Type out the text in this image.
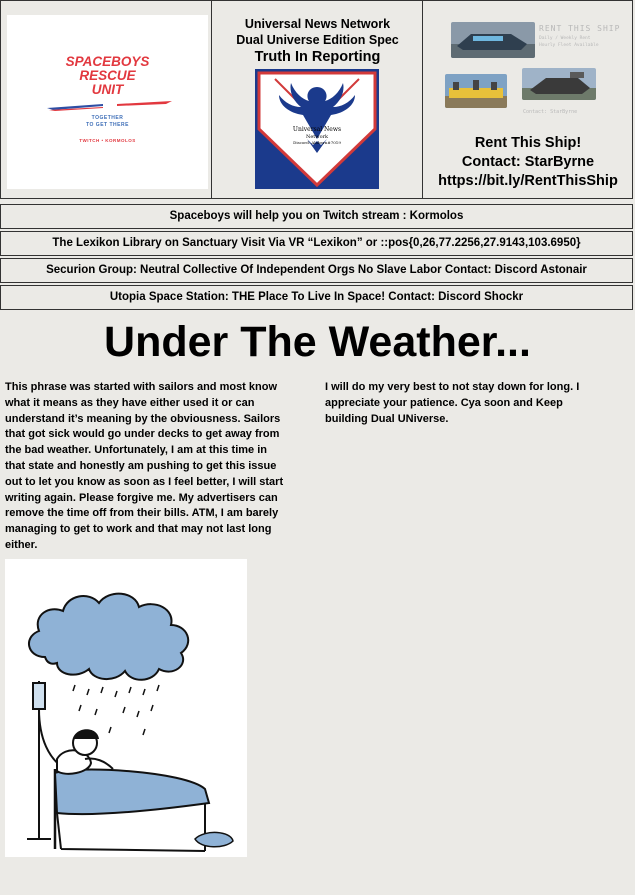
SPACEBOYS
RESCUE
UNIT
TOGETHER
TO GET THERE
TWITCH • KORMOLOS
Universal News Network
Dual Universe Edition Spec
Truth In Reporting
Universal News
Network
Discord: Alabern#7019
RENT THIS SHIP
Daily / Weekly Rent
Hourly Fleet Available
Contact: StarByrne
Rent This Ship!
Contact: StarByrne
https://bit.ly/RentThisShip
Spaceboys will help you on Twitch stream : Kormolos
The Lexikon Library on Sanctuary Visit Via VR “Lexikon” or ::pos{0,26,77.2256,27.9143,103.6950}
Securion Group: Neutral Collective Of Independent Orgs No Slave Labor Contact: Discord Astonair
Utopia Space Station: THE Place To Live In Space! Contact: Discord Shockr
Under The Weather...
This phrase was started with sailors and most know
what it means as they have either used it or can
understand it’s meaning by the obviousness. Sailors
that got sick would go under decks to get away from
the bad weather. Unfortunately, I am at this time in
that state and honestly am pushing to get this issue
out to let you know as soon as I feel better, I will start
writing again. Please forgive me. My advertisers can
remove the time off from their bills. ATM, I am barely
managing to get to work and that may not last long
either.
I will do my very best to not stay down for long. I
appreciate your patience. Cya soon and Keep
building Dual UNiverse.
